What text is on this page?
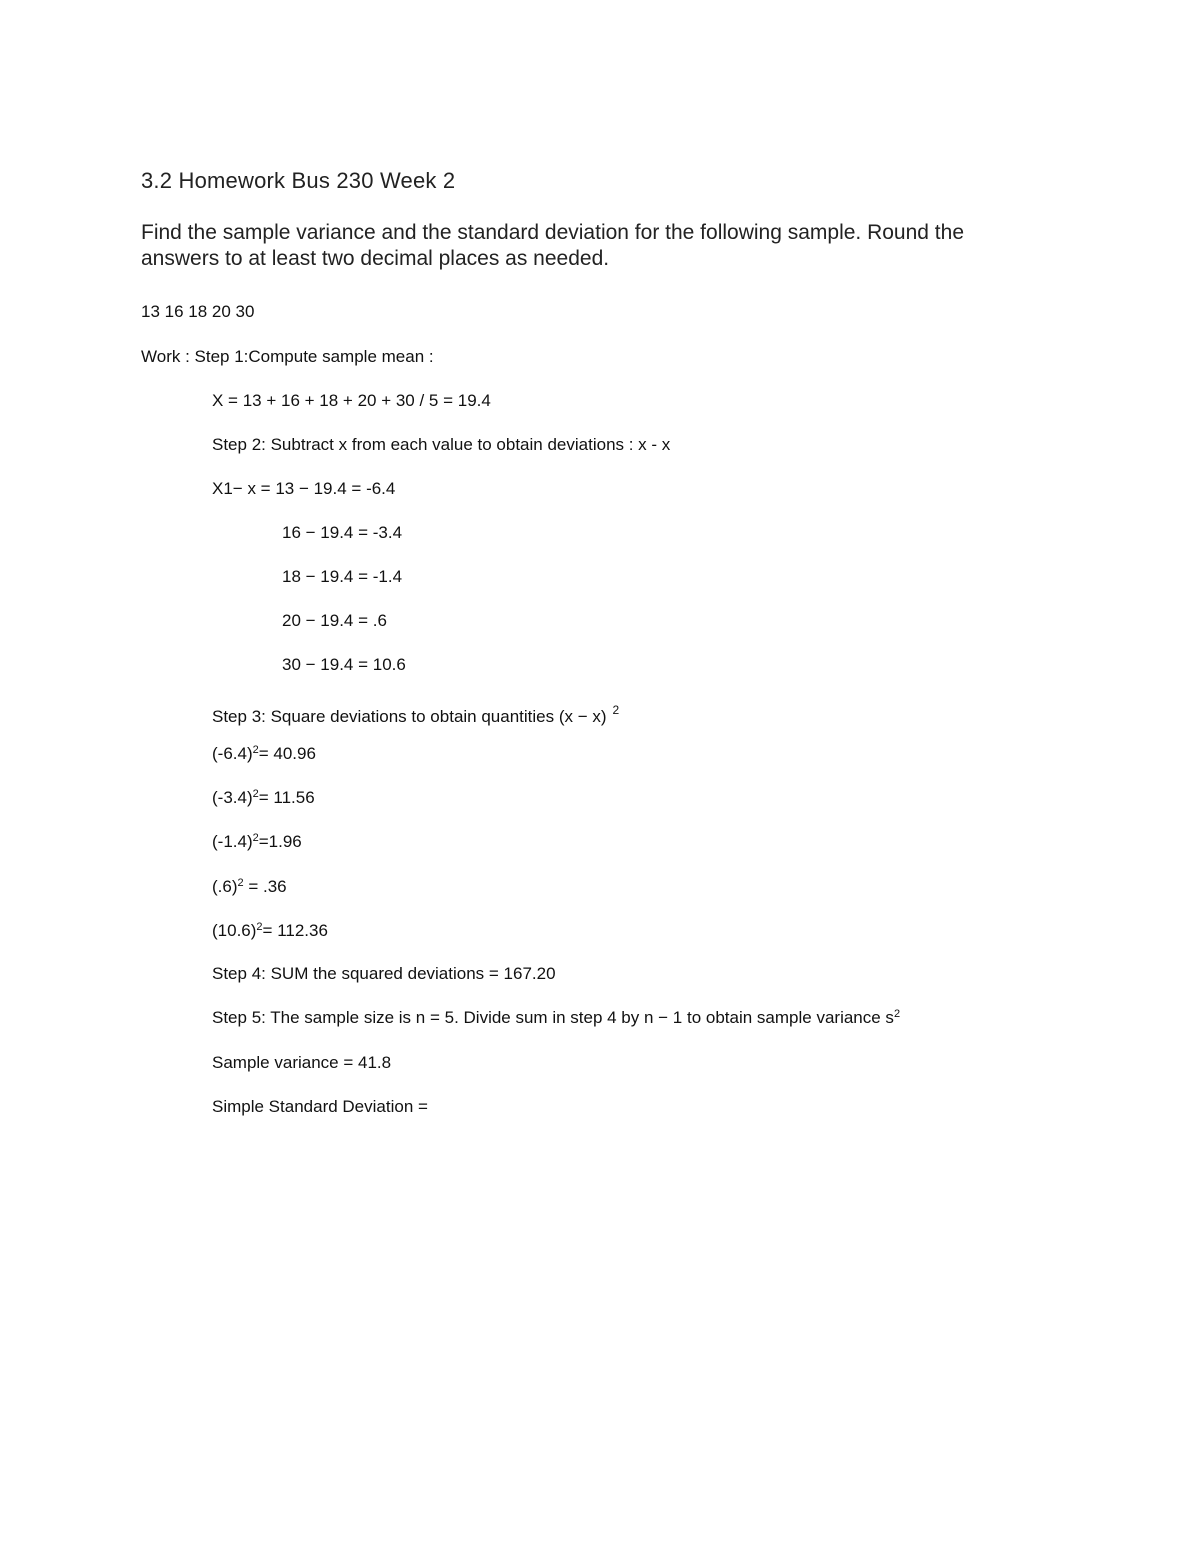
3.2 Homework Bus 230 Week 2
Find the sample variance and the standard deviation for the following sample. Round the answers to at least two decimal places as needed.
13 16 18 20 30
Work : Step 1:Compute sample mean :
X = 13 + 16 + 18 + 20 + 30 / 5 = 19.4
Step 2: Subtract x from each value to obtain deviations : x - x
X1− x = 13 − 19.4 = -6.4
16 − 19.4 = -3.4
18 − 19.4 = -1.4
20 − 19.4 = .6
30 − 19.4 = 10.6
Step 3: Square deviations to obtain quantities (x − x) $^2$
$(-6.4)^2= 40.96$
$(-3.4)^2= 11.56$
$(-1.4)^2=1.96$
$(.6)^2 = .36$
$(10.6)^2= 112.36$
Step 4: SUM the squared deviations = 167.20
Step 5: The sample size is n = 5. Divide sum in step 4 by n − 1 to obtain sample variance $s^2$
Sample variance = 41.8
Simple Standard Deviation =
